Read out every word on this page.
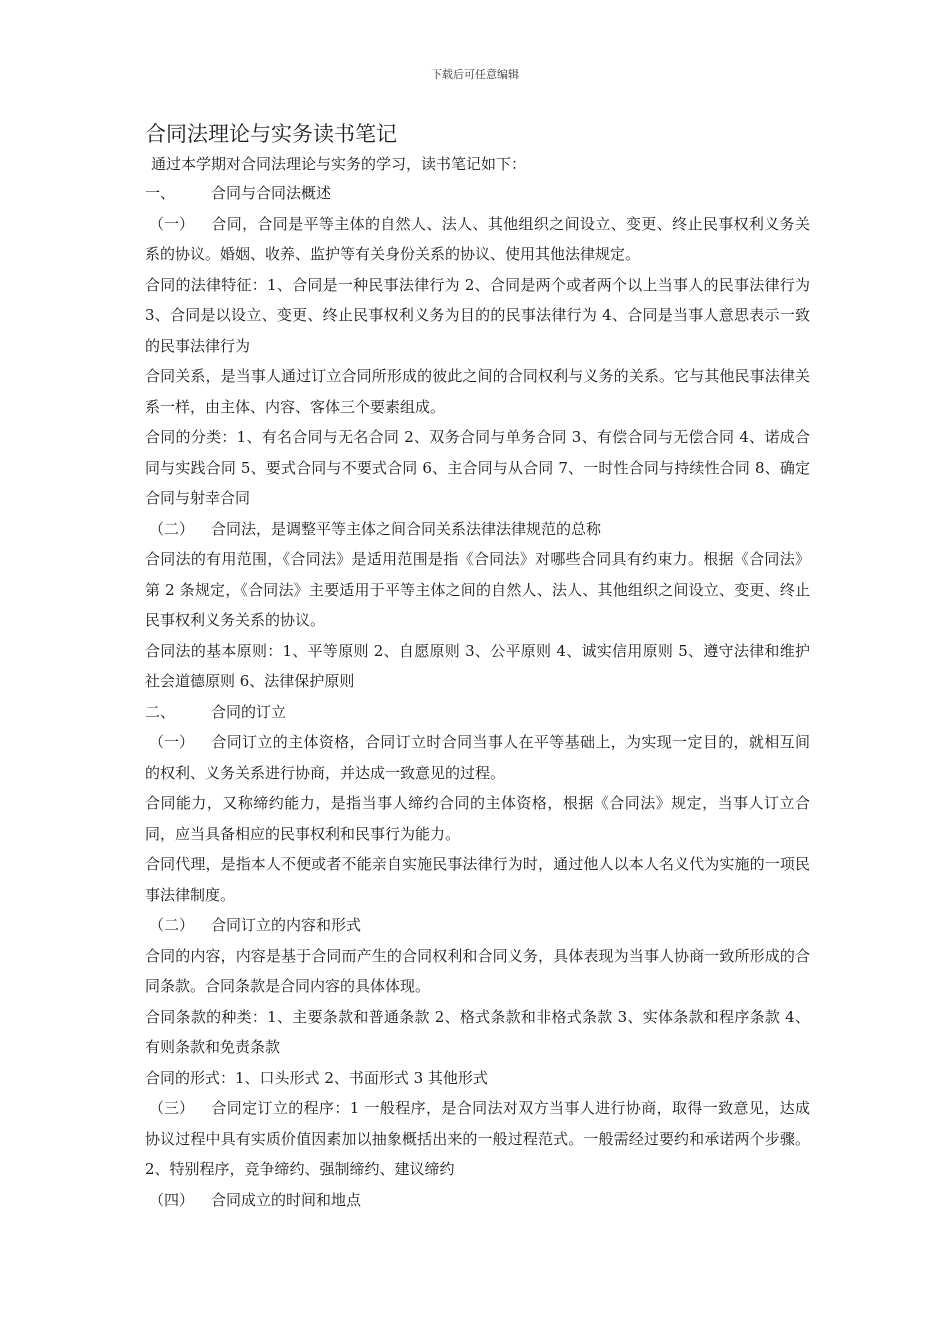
下载后可任意编辑
合同法理论与实务读书笔记
通过本学期对合同法理论与实务的学习，读书笔记如下：
一、	合同与合同法概述

（一） 合同，合同是平等主体的自然人、法人、其他组织之间设立、变更、终止民事权利义务关系的协议。婚姻、收养、监护等有关身份关系的协议、使用其他法律规定。

合同的法律特征：1、合同是一种民事法律行为 2、合同是两个或者两个以上当事人的民事法律行为 3、合同是以设立、变更、终止民事权利义务为目的的民事法律行为 4、合同是当事人意思表示一致的民事法律行为

合同关系，是当事人通过订立合同所形成的彼此之间的合同权利与义务的关系。它与其他民事法律关系一样，由主体、内容、客体三个要素组成。

合同的分类：1、有名合同与无名合同 2、双务合同与单务合同 3、有偿合同与无偿合同 4、诺成合同与实践合同 5、要式合同与不要式合同 6、主合同与从合同 7、一时性合同与持续性合同 8、确定合同与射幸合同

（二） 合同法，是调整平等主体之间合同关系法律法律规范的总称

合同法的有用范围，《合同法》是适用范围是指《合同法》对哪些合同具有约束力。根据《合同法》第 2 条规定，《合同法》主要适用于平等主体之间的自然人、法人、其他组织之间设立、变更、终止民事权利义务关系的协议。

合同法的基本原则：1、平等原则 2、自愿原则 3、公平原则 4、诚实信用原则 5、遵守法律和维护社会道德原则 6、法律保护原则

二、	合同的订立

（一） 合同订立的主体资格，合同订立时合同当事人在平等基础上，为实现一定目的，就相互间的权利、义务关系进行协商，并达成一致意见的过程。

合同能力，又称缔约能力，是指当事人缔约合同的主体资格，根据《合同法》规定，当事人订立合同，应当具备相应的民事权利和民事行为能力。

合同代理，是指本人不便或者不能亲自实施民事法律行为时，通过他人以本人名义代为实施的一项民事法律制度。

（二） 合同订立的内容和形式

合同的内容，内容是基于合同而产生的合同权利和合同义务，具体表现为当事人协商一致所形成的合同条款。合同条款是合同内容的具体体现。

合同条款的种类：1、主要条款和普通条款 2、格式条款和非格式条款 3、实体条款和程序条款 4、有则条款和免责条款

合同的形式：1、口头形式 2、书面形式 3 其他形式

（三） 合同定订立的程序：1 一般程序，是合同法对双方当事人进行协商，取得一致意见，达成协议过程中具有实质价值因素加以抽象概括出来的一般过程范式。一般需经过要约和承诺两个步骤。2、特别程序，竞争缔约、强制缔约、建议缔约

（四） 合同成立的时间和地点
